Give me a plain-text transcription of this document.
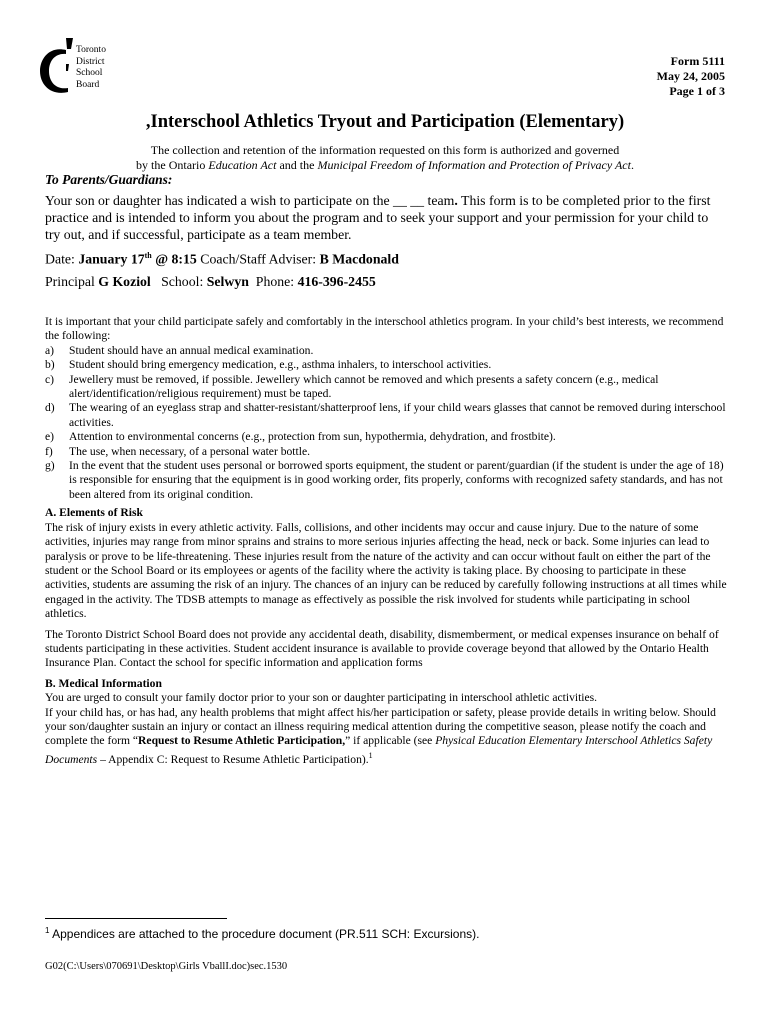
Toronto
District
School
Board
Form 5111
May 24, 2005
Page 1 of 3
,Interschool Athletics Tryout and Participation (Elementary)
The collection and retention of the information requested on this form is authorized and governed
by the Ontario Education Act and the Municipal Freedom of Information and Protection of Privacy Act.
To Parents/Guardians:
Your son or daughter has indicated a wish to participate on the __ __ team. This form is to be completed prior to the first practice and is intended to inform you about the program and to seek your support and your permission for your child to try out, and if successful, participate as a team member.
Date: January 17th @ 8:15 Coach/Staff Adviser: B Macdonald
Principal G Koziol   School: Selwyn  Phone: 416-396-2455

It is important that your child participate safely and comfortably in the interschool athletics program. In your child’s best interests, we recommend the following:

a)	Student should have an annual medical examination.
b)	Student should bring emergency medication, e.g., asthma inhalers, to interschool activities.
c)	Jewellery must be removed, if possible. Jewellery which cannot be removed and which presents a safety concern (e.g., medical alert/identification/religious requirement) must be taped.
d)	The wearing of an eyeglass strap and shatter-resistant/shatterproof lens, if your child wears glasses that cannot be removed during interschool activities.
e)	Attention to environmental concerns (e.g., protection from sun, hypothermia, dehydration, and frostbite).
f)	The use, when necessary, of a personal water bottle.
g)	In the event that the student uses personal or borrowed sports equipment, the student or parent/guardian (if the student is under the age of 18) is responsible for ensuring that the equipment is in good working order, fits properly, conforms with recognized safety standards, and has not been altered from its original condition.

A. Elements of Risk

The risk of injury exists in every athletic activity. Falls, collisions, and other incidents may occur and cause injury. Due to the nature of some activities, injuries may range from minor sprains and strains to more serious injuries affecting the head, neck or back. Some injuries can lead to paralysis or prove to be life-threatening. These injuries result from the nature of the activity and can occur without fault on either the part of the student or the School Board or its employees or agents of the facility where the activity is taking place. By choosing to participate in these activities, students are assuming the risk of an injury. The chances of an injury can be reduced by carefully following instructions at all times while engaged in the activity. The TDSB attempts to manage as effectively as possible the risk involved for students while participating in school athletics.

The Toronto District School Board does not provide any accidental death, disability, dismemberment, or medical expenses insurance on behalf of students participating in these activities. Student accident insurance is available to provide coverage beyond that allowed by the Ontario Health Insurance Plan. Contact the school for specific information and application forms

B. Medical Information

You are urged to consult your family doctor prior to your son or daughter participating in interschool athletic activities.

If your child has, or has had, any health problems that might affect his/her participation or safety, please provide details in writing below. Should your son/daughter sustain an injury or contact an illness requiring medical attention during the competitive season, please notify the coach and complete the form “Request to Resume Athletic Participation,” if applicable (see Physical Education Elementary Interschool Athletics Safety Documents – Appendix C: Request to Resume Athletic Participation).$^1$

$^1$ Appendices are attached to the procedure document (PR.511 SCH: Excursions).
G02(C:\Users\070691\Desktop\Girls VballI.doc)sec.1530
